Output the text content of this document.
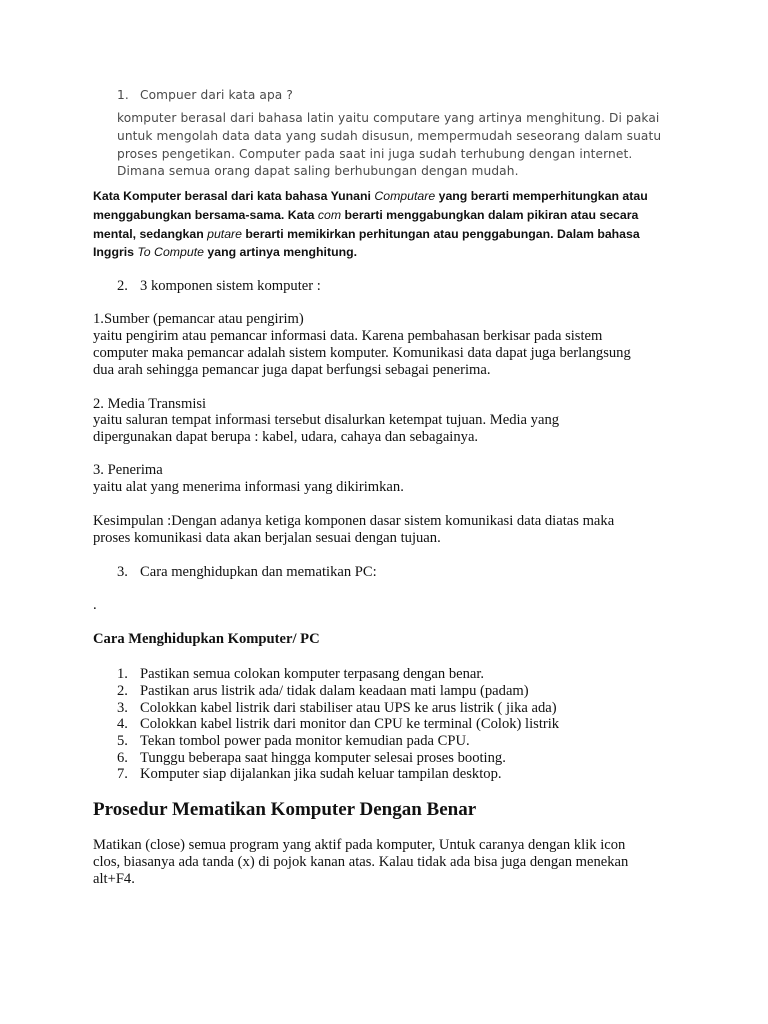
1. Compuer dari kata apa ?
komputer berasal dari bahasa latin yaitu computare yang artinya menghitung. Di pakai
untuk mengolah data data yang sudah disusun, mempermudah seseorang dalam suatu
proses pengetikan. Computer pada saat ini juga sudah terhubung dengan internet.
Dimana semua orang dapat saling berhubungan dengan mudah.
Kata Komputer berasal dari kata bahasa Yunani Computare yang berarti memperhitungkan atau
menggabungkan bersama-sama. Kata com berarti menggabungkan dalam pikiran atau secara
mental, sedangkan putare berarti memikirkan perhitungan atau penggabungan. Dalam bahasa
Inggris To Compute yang artinya menghitung.
2. 3 komponen sistem komputer :
1.Sumber (pemancar atau pengirim)
yaitu pengirim atau pemancar informasi data. Karena pembahasan berkisar pada sistem
computer maka pemancar adalah sistem komputer. Komunikasi data dapat juga berlangsung
dua arah sehingga pemancar juga dapat berfungsi sebagai penerima.
2. Media Transmisi
yaitu saluran tempat informasi tersebut disalurkan ketempat tujuan. Media yang
dipergunakan dapat berupa : kabel, udara, cahaya dan sebagainya.
3. Penerima
yaitu alat yang menerima informasi yang dikirimkan.
Kesimpulan :Dengan adanya ketiga komponen dasar sistem komunikasi data diatas maka
proses komunikasi data akan berjalan sesuai dengan tujuan.
3. Cara menghidupkan dan mematikan PC:
.
Cara Menghidupkan Komputer/ PC
1. Pastikan semua colokan komputer terpasang dengan benar.
2. Pastikan arus listrik ada/ tidak dalam keadaan mati lampu (padam)
3. Colokkan kabel listrik dari stabiliser atau UPS ke arus listrik ( jika ada)
4. Colokkan kabel listrik dari monitor dan CPU ke terminal (Colok) listrik
5. Tekan tombol power pada monitor kemudian pada CPU.
6. Tunggu beberapa saat hingga komputer selesai proses booting.
7. Komputer siap dijalankan jika sudah keluar tampilan desktop.
Prosedur Mematikan Komputer Dengan Benar
Matikan (close) semua program yang aktif pada komputer, Untuk caranya dengan klik icon
clos, biasanya ada tanda (x) di pojok kanan atas. Kalau tidak ada bisa juga dengan menekan
alt+F4.
